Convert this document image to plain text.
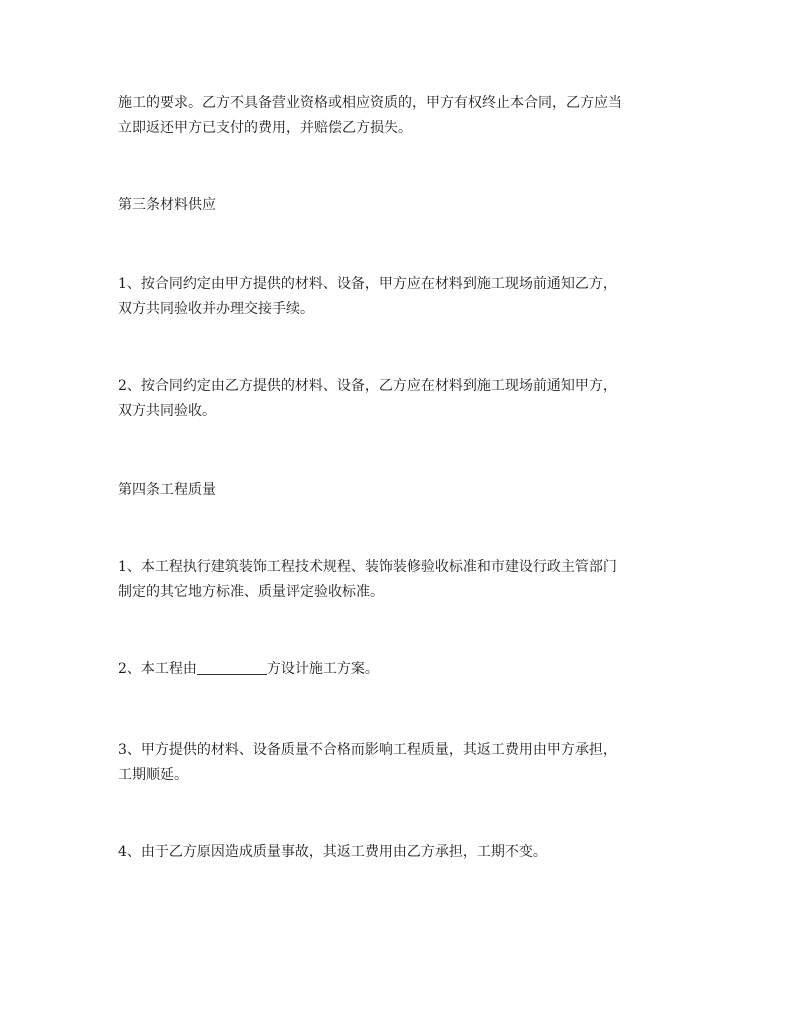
施工的要求。乙方不具备营业资格或相应资质的，甲方有权终止本合同，乙方应当
立即返还甲方已支付的费用，并赔偿乙方损失。
第三条材料供应
1、按合同约定由甲方提供的材料、设备，甲方应在材料到施工现场前通知乙方，
双方共同验收并办理交接手续。
2、按合同约定由乙方提供的材料、设备，乙方应在材料到施工现场前通知甲方，
双方共同验收。
第四条工程质量
1、本工程执行建筑装饰工程技术规程、装饰装修验收标准和市建设行政主管部门
制定的其它地方标准、质量评定验收标准。
2、本工程由	方设计施工方案。
3、甲方提供的材料、设备质量不合格而影响工程质量，其返工费用由甲方承担，
工期顺延。
4、由于乙方原因造成质量事故，其返工费用由乙方承担，工期不变。
